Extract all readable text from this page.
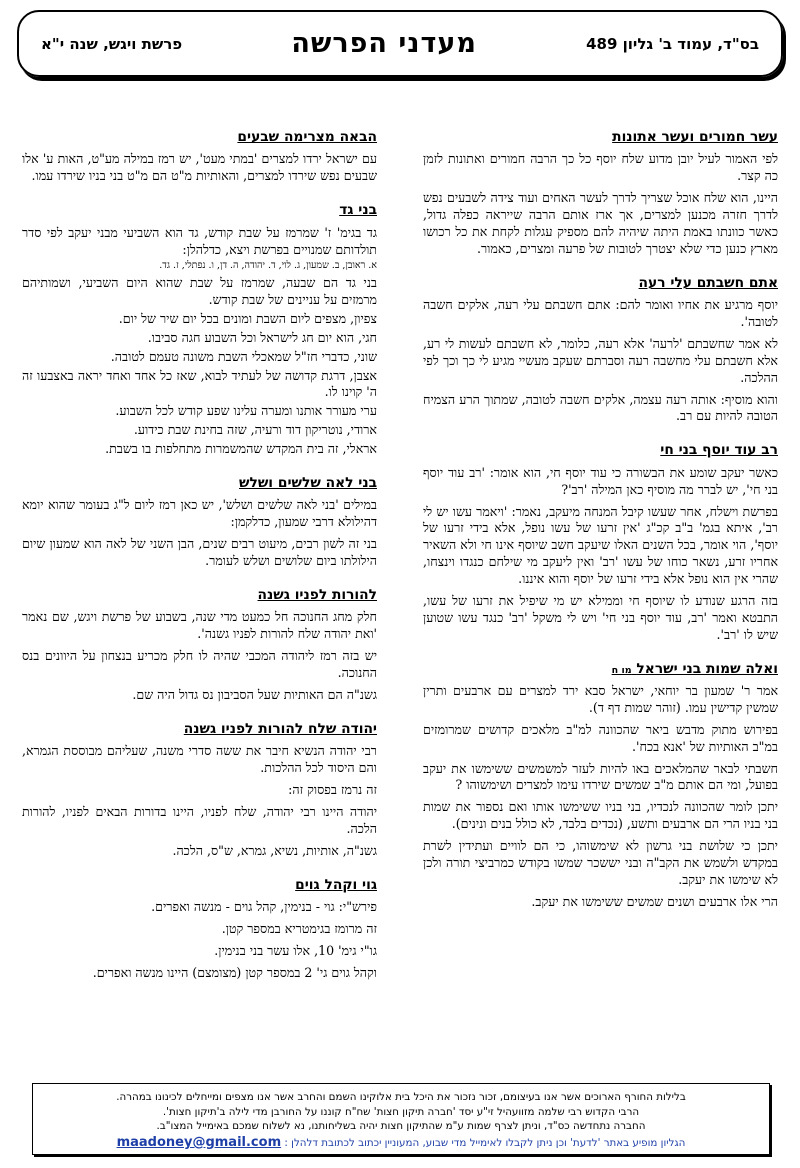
בס"ד, עמוד ב' גליון 489
מעדני הפרשה
פרשת ויגש, שנה י"א
עשר חמורים ועשר אתונות

לפי האמור לעיל יובן מדוע שלח יוסף כל כך הרבה חמורים ואתונות לזמן כה קצר.

היינו, הוא שלח אוכל שצריך לדרך לעשר האחים ועוד צידה לשבעים נפש לדרך חזרה מכנען למצרים, אך ארז אותם הרבה שייראה כפלה גדול, כאשר כוונתו באמת היתה שיהיה להם מספיק עגלות לקחת את כל רכושו מארץ כנען כדי שלא יצטרך לטובות של פרעה ומצרים, כאמור.

אתם חשבתם עלי רעה

יוסף מרגיע את אחיו ואומר להם: אתם חשבתם עלי רעה, אלקים חשבה לטובה'.

לא אמר שחשבתם 'לרעה' אלא רעה, כלומר, לא חשבתם לעשות לי רע, אלא חשבתם עלי מחשבה רעה וסברתם שעקב מעשיי מגיע לי כך וכך לפי ההלכה.

והוא מוסיף: אותה רעה עצמה, אלקים חשבה לטובה, שמתוך הרע הצמיח הטובה להיות עם רב.

רב עוד יוסף בני חי

כאשר יעקב שומע את הבשורה כי עוד יוסף חי, הוא אומר: 'רב עוד יוסף בני חי', יש לברר מה מוסיף כאן המילה 'רב'?

בפרשת וישלח, אחר שעשו קיבל המנחה מיעקב, נאמר: 'ויאמר עשו יש לי רב', איתא בגמ' ב"ב קכ"ג 'אין זרעו של עשו נופל, אלא בידי זרעו של יוסף', הוי אומר, בכל השנים האלו שיעקב חשב שיוסף אינו חי ולא השאיר אחריו זרע, נשאר כוחו של עשו 'רב' ואין ליעקב מי שילחם כנגדו וינצחו, שהרי אין הוא נופל אלא בידי זרעו של יוסף והוא איננו.

בזה הרגע שנודע לו שיוסף חי וממילא יש מי שיפיל את זרעו של עשו, התבטא ואמר 'רב, עוד יוסף בני חי' ויש לי משקל 'רב' כנגד עשו שטוען שיש לו 'רב'.

ואלה שמות בני ישראל מו ח

אמר ר' שמעון בר יוחאי, ישראל סבא ירד למצרים עם ארבעים ותרין שמשין קדישין עמו. (זוהר שמות דף ד).

בפירוש מתוק מדבש ביאר שהכוונה למ"ב מלאכים קדושים שמרומזים במ"ב האותיות של 'אנא בכח'.

חשבתי לבאר שהמלאכים באו להיות לעזר למשמשים ששימשו את יעקב בפועל, ומי הם אותם מ"ב שמשים שירדו עימו למצרים ושימשוהו ?

יתכן לומר שהכוונה לנכדיו, בני בניו ששימשו אותו ואם נספור את שמות בני בניו הרי הם ארבעים ותשע, (נכדים בלבד, לא כולל בנים ונינים).

יתכן כי שלושת בני גרשון לא שימשוהו, כי הם לוויים ועתידין לשרת במקדש ולשמש את הקב"ה ובני יששכר שמשו בקודש כמרביצי תורה ולכן לא שימשו את יעקב.

הרי אלו ארבעים ושנים שמשים ששימשו את יעקב.

הבאה מצרימה שבעים

עם ישראל ירדו למצרים 'במתי מעט', יש רמז במילה מע"ט, האות ע' אלו שבעים נפש שירדו למצרים, והאותיות מ"ט הם מ"ט בני בניו שירדו עמו.

בני גד

גד בגימ' ז' שמרמז על שבת קודש, גד הוא השביעי מבני יעקב לפי סדר תולדותם שמנויים בפרשת ויצא, כדלהלן:

א. ראובן, ב. שמעון, ג. לוי, ד. יהודה, ה. דן, ו. נפתלי, ז. גד.

בני גד הם שבעה, שמרמז על שבת שהוא היום השביעי, ושמותיהם מרמזים על עניינים של שבת קודש.

צפיון, מצפים ליום השבת ומונים בכל יום שיר של יום.

חגי, הוא יום חג לישראל וכל השבוע חגה סביבו.

שוני, כדברי חז"ל שמאכלי השבת משונה טעמם לטובה.

אצבן, דרגת קדושה של לעתיד לבוא, שאז כל אחד ואחד יראה באצבעו זה ה' קוינו לו.

ערי מעורר אותנו ומערה עלינו שפע קודש לכל השבוע.

ארודי, נוטריקון דוד ורעיה, שזה בחינת שבת כידוע.

אראלי, זה בית המקדש שהמשמרות מתחלפות בו בשבת.

בני לאה שלשים ושלש

במילים 'בני לאה שלשים ושלש', יש כאן רמז ליום ל"ג בעומר שהוא יומא דהילולא דרבי שמעון, כדלקמן:

בני זה לשון רבים, מיעוט רבים שנים, הבן השני של לאה הוא שמעון שיום הילולתו ביום שלושים ושלש לעומר.

להורות לפניו גשנה

חלק מחג החנוכה חל כמעט מדי שנה, בשבוע של פרשת ויגש, שם נאמר 'ואת יהודה שלח להורות לפניו גשנה'.

יש בזה רמז ליהודה המכבי שהיה לו חלק מכריע בנצחון על היוונים בנס החנוכה.

גשנ"ה הם האותיות שעל הסביבון נס גדול היה שם.

יהודה שלח להורות לפניו גשנה

רבי יהודה הנשיא חיבר את ששה סדרי משנה, שעליהם מבוססת הגמרא, והם היסוד לכל ההלכות.

זה נרמז בפסוק זה:

יהודה היינו רבי יהודה, שלח לפניו, היינו בדורות הבאים לפניו, להורות הלכה.

גשנ"ה, אותיות, נשיא, גמרא, ש"ס, הלכה.

גוי וקהל גוים

פירש"י: גוי - בנימין, קהל גוים - מנשה ואפרים.

זה מרומז בגימטריא במספר קטן.

גו"י גימ' 10, אלו עשר בני בנימין.

וקהל גוים גי' 2 במספר קטן (מצומצם) היינו מנשה ואפרים.

בלילות החורף הארוכים אשר אנו בעיצומם, זכור נזכור את היכל בית אלוקינו השמם והחרב אשר אנו מצפים ומייחלים לכינונו במהרה.

הרבי הקדוש רבי שלמה מזוועהיל זי"ע יסד 'חברה תיקון חצות' שח"ח קוננו על החורבן מדי לילה ב'תיקון חצות'.

החברה נתחדשה כס"ד, וניתן לצרף שמות ע"מ שהתיקון חצות יהיה בשליחותנו, נא לשלוח שמכם באימייל המצו"ב.

הגליון מופיע באתר 'לדעת' וכן ניתן לקבלו לאימייל מדי שבוע, המעוניין יכתוב לכתובת דלהלן : maadoney@gmail.com
